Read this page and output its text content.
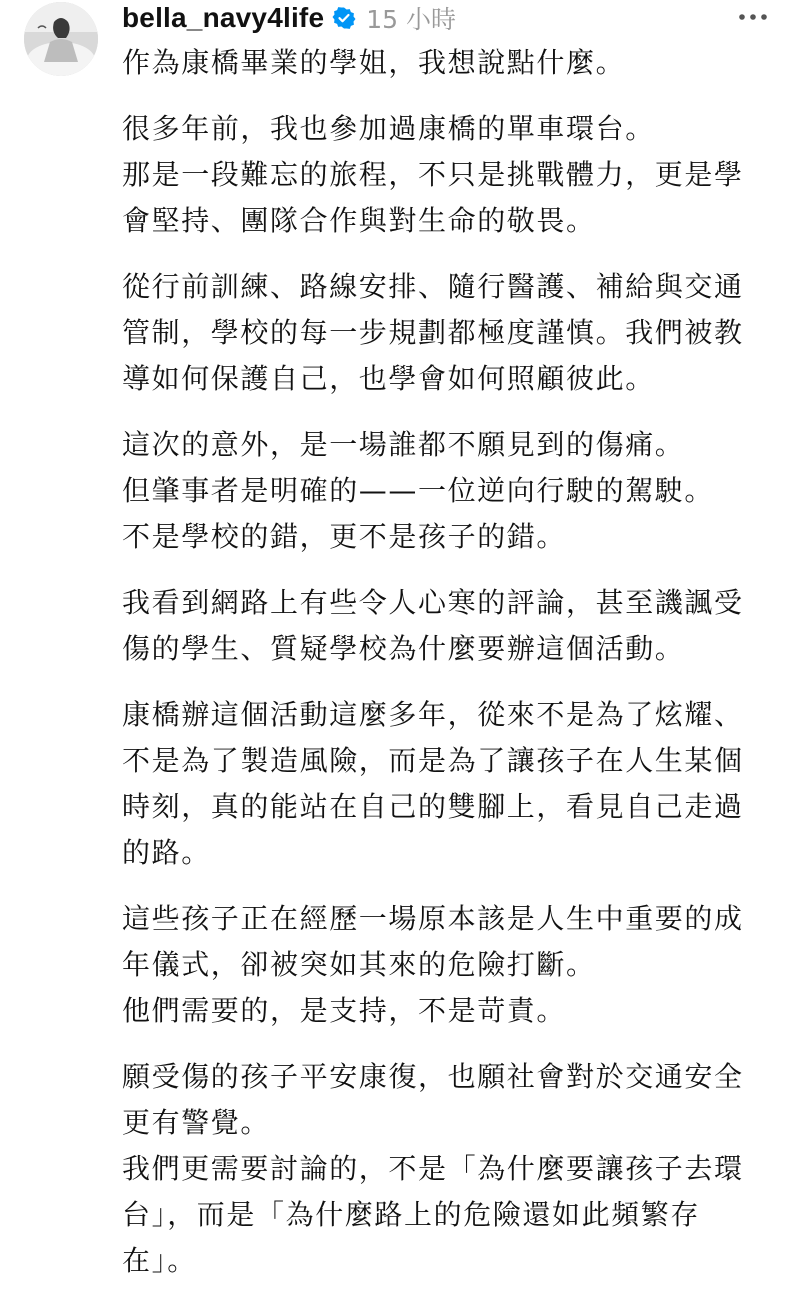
bella_navy4life 15 小時
作為康橋畢業的學姐，我想說點什麼。
很多年前，我也參加過康橋的單車環台。
那是一段難忘的旅程，不只是挑戰體力，更是學
會堅持、團隊合作與對生命的敬畏。
從行前訓練、路線安排、隨行醫護、補給與交通
管制，學校的每一步規劃都極度謹慎。我們被教
導如何保護自己，也學會如何照顧彼此。
這次的意外，是一場誰都不願見到的傷痛。
但肇事者是明確的——一位逆向行駛的駕駛。
不是學校的錯，更不是孩子的錯。
我看到網路上有些令人心寒的評論，甚至譏諷受
傷的學生、質疑學校為什麼要辦這個活動。
康橋辦這個活動這麼多年，從來不是為了炫耀、
不是為了製造風險，而是為了讓孩子在人生某個
時刻，真的能站在自己的雙腳上，看見自己走過
的路。
這些孩子正在經歷一場原本該是人生中重要的成
年儀式，卻被突如其來的危險打斷。
他們需要的，是支持，不是苛責。
願受傷的孩子平安康復，也願社會對於交通安全
更有警覺。
我們更需要討論的，不是「為什麼要讓孩子去環
台」，而是「為什麼路上的危險還如此頻繁存
在」。
